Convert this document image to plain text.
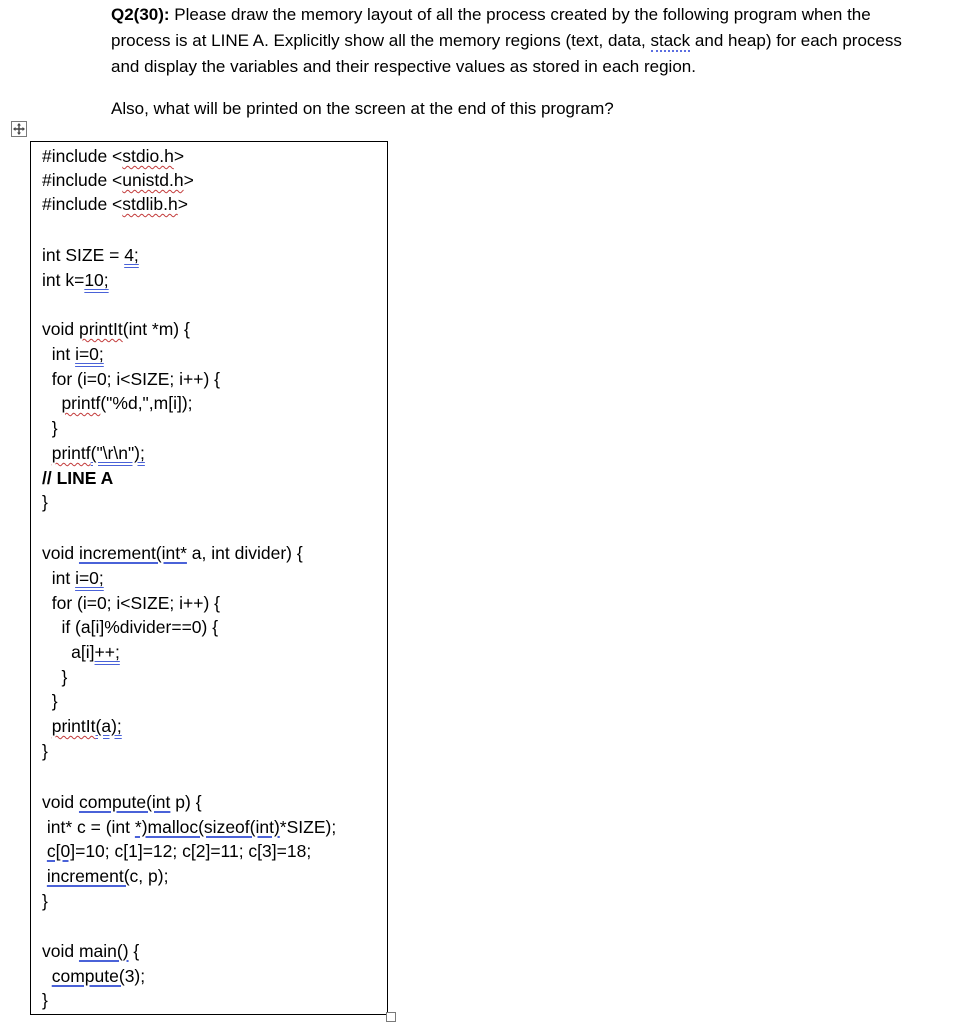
Q2(30): Please draw the memory layout of all the process created by the following program when the process is at LINE A. Explicitly show all the memory regions (text, data, stack and heap) for each process and display the variables and their respective values as stored in each region.

Also, what will be printed on the screen at the end of this program?
#include <stdio.h>
#include <unistd.h>
#include <stdlib.h>
int SIZE = 4;
int k=10;
void printIt(int *m) {
int i=0;
for (i=0; i<SIZE; i++) {
printf("%d,",m[i]);
}
printf("\r\n");
// LINE A
}
void increment(int* a, int divider) {
int i=0;
for (i=0; i<SIZE; i++) {
if (a[i]%divider==0) {
a[i]++;
}
}
printIt(a);
}
void compute(int p) {
int* c = (int *)malloc(sizeof(int)*SIZE);
c[0]=10; c[1]=12; c[2]=11; c[3]=18;
increment(c, p);
}
void main() {
compute(3);
}
